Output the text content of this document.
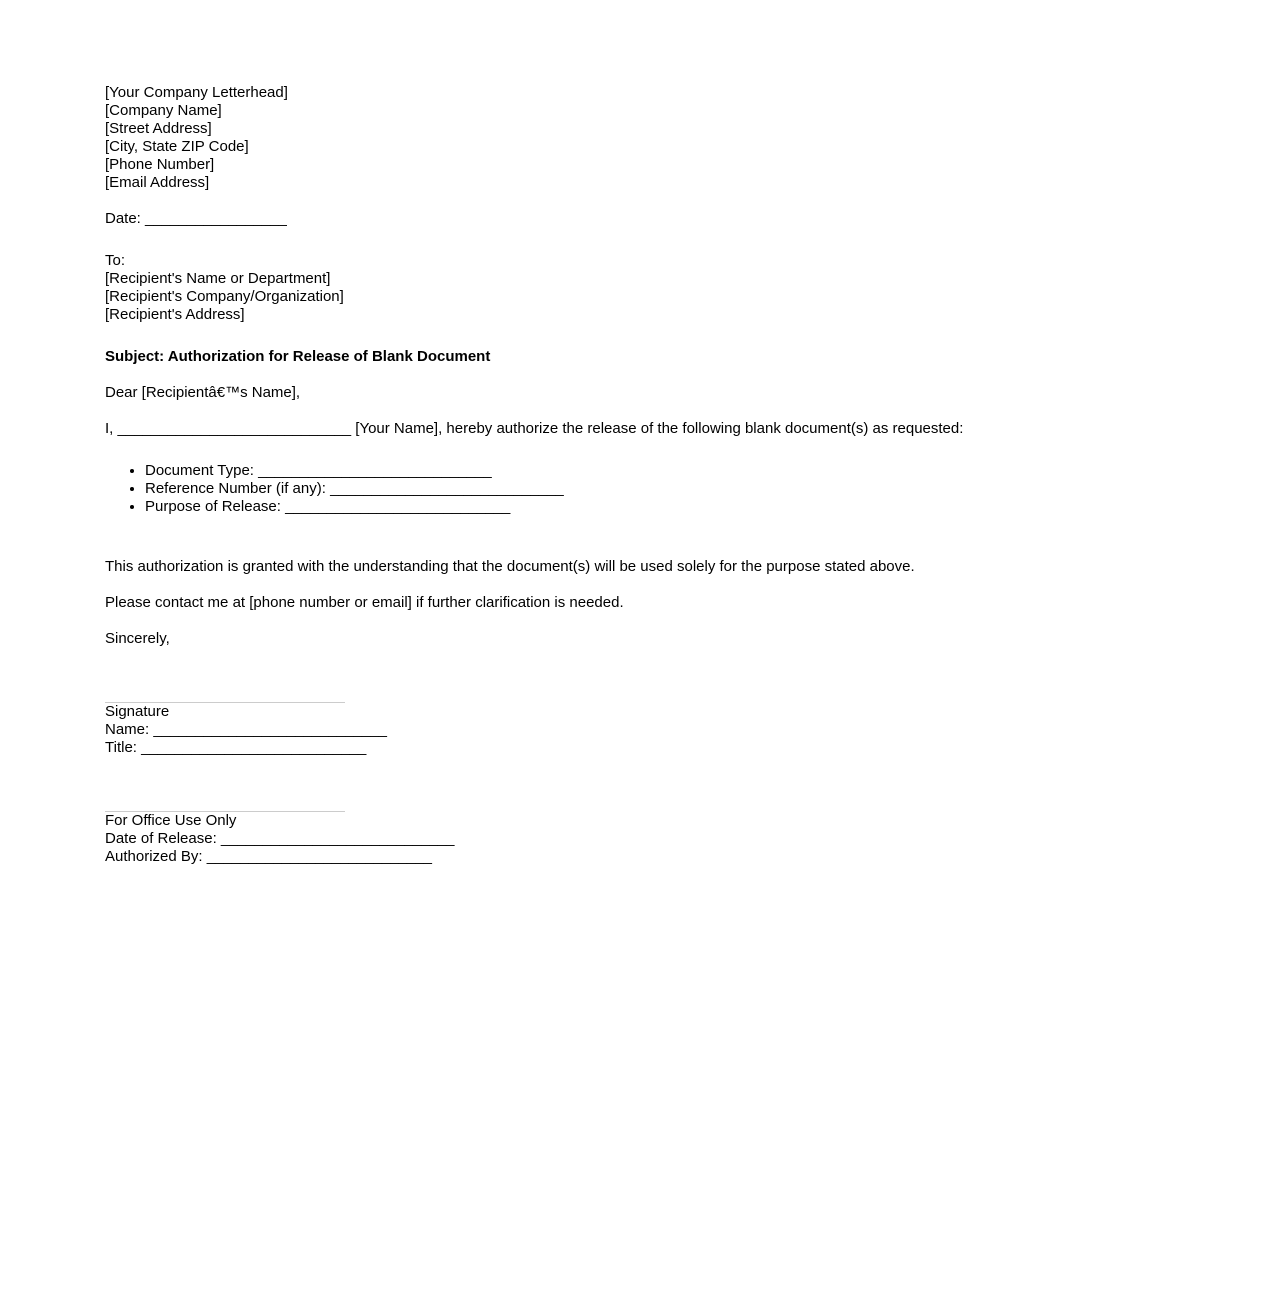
[Your Company Letterhead]
[Company Name]
[Street Address]
[City, State ZIP Code]
[Phone Number]
[Email Address]
Date: _________________
To:
[Recipient's Name or Department]
[Recipient's Company/Organization]
[Recipient's Address]
Subject: Authorization for Release of Blank Document
Dear [Recipientâ€™s Name],
I, ____________________________ [Your Name], hereby authorize the release of the following blank document(s) as requested:
• Document Type: ____________________________
• Reference Number (if any): ____________________________
• Purpose of Release: ___________________________
This authorization is granted with the understanding that the document(s) will be used solely for the purpose stated above.
Please contact me at [phone number or email] if further clarification is needed.
Sincerely,
Signature
Name: ____________________________
Title: ___________________________
For Office Use Only
Date of Release: ____________________________
Authorized By: ___________________________
